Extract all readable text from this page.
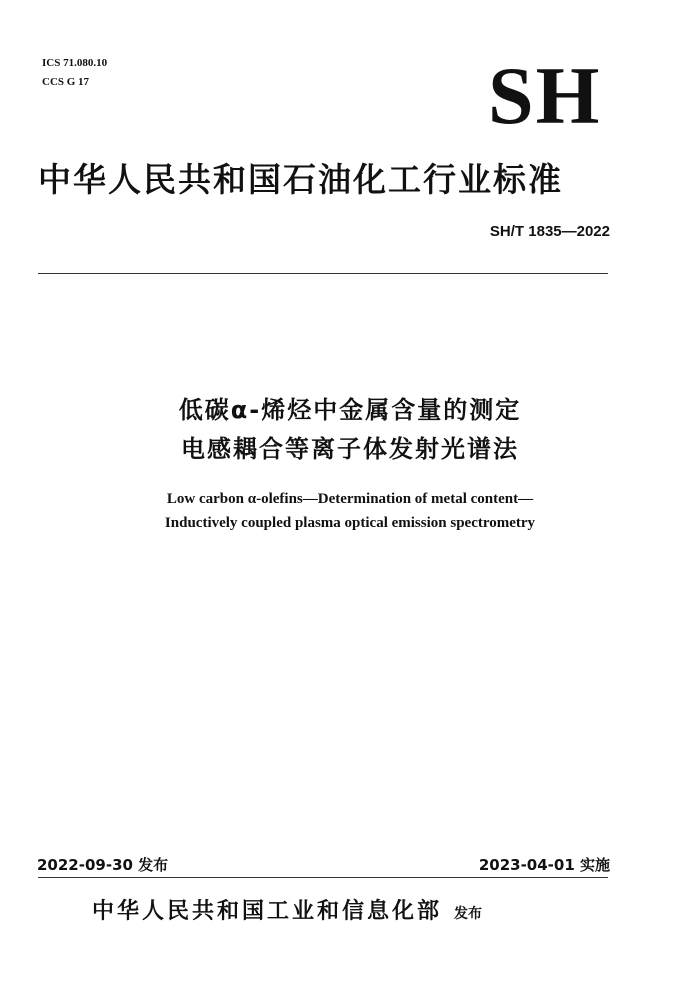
ICS 71.080.10
CCS G 17	SH
中华人民共和国石油化工行业标准
SH/T 1835—2022
低碳α-烯烃中金属含量的测定
电感耦合等离子体发射光谱法
Low carbon α-olefins—Determination of metal content—
Inductively coupled plasma optical emission spectrometry
2022-09-30 发布	2023-04-01 实施
中华人民共和国工业和信息化部 发布
